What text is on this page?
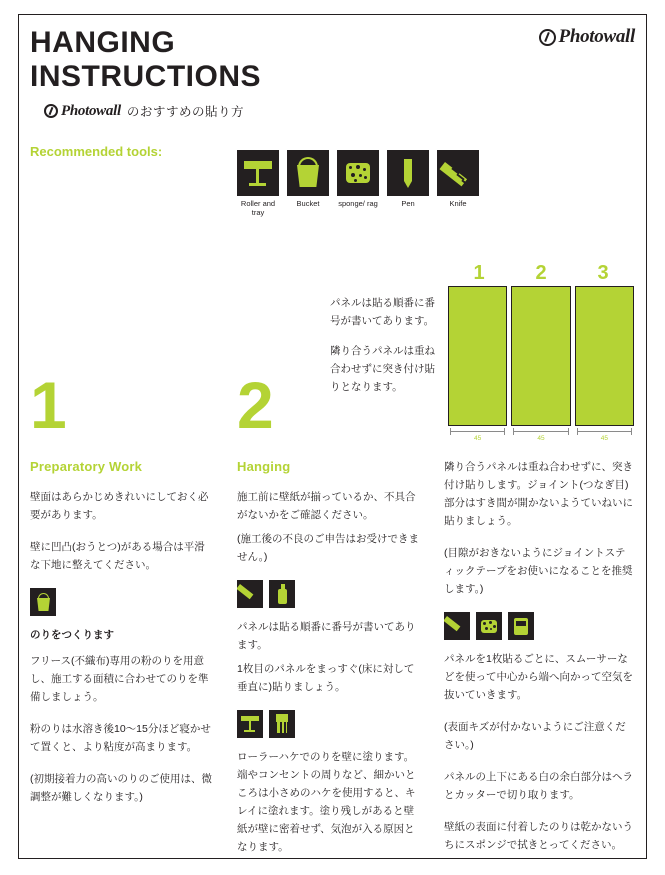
HANGING
INSTRUCTIONS
Photowall のおすすめの貼り方
Photowall
Recommended tools:
Roller and tray
Bucket	sponge/ rag	Pen	Knife
1	2	3
45	45	45

パネルは貼る順番に番号が書いてあります。

隣り合うパネルは重ね合わせずに突き付け貼りとなります。

1	2
Preparatory Work

壁面はあらかじめきれいにしておく必要があります。

壁に凹凸(おうとつ)がある場合は平滑な下地に整えてください。

のりをつくります

フリース(不織布)専用の粉のりを用意し、施工する面積に合わせてのりを準備しましょう。

粉のりは水溶き後10〜15分ほど寝かせて置くと、より粘度が高まります。

(初期接着力の高いのりのご使用は、微調整が難しくなります。)

Hanging

施工前に壁紙が揃っているか、不具合がないかをご確認ください。

(施工後の不良のご申告はお受けできません。)

パネルは貼る順番に番号が書いてあります。

1枚目のパネルをまっすぐ(床に対して垂直に)貼りましょう。

ローラーハケでのりを壁に塗ります。端やコンセントの周りなど、細かいところは小さめのハケを使用すると、キレイに塗れます。塗り残しがあると壁紙が壁に密着せず、気泡が入る原因となります。

隣り合うパネルは重ね合わせずに、突き付け貼りします。ジョイント(つなぎ目)部分はすき間が開かないようていねいに貼りましょう。

(目隙がおきないようにジョイントスティックテープをお使いになることを推奨します。)

パネルを1枚貼るごとに、スムーサーなどを使って中心から端へ向かって空気を抜いていきます。

(表面キズが付かないようにご注意ください。)

パネルの上下にある白の余白部分はヘラとカッターで切り取ります。

壁紙の表面に付着したのりは乾かないうちにスポンジで拭きとってください。
